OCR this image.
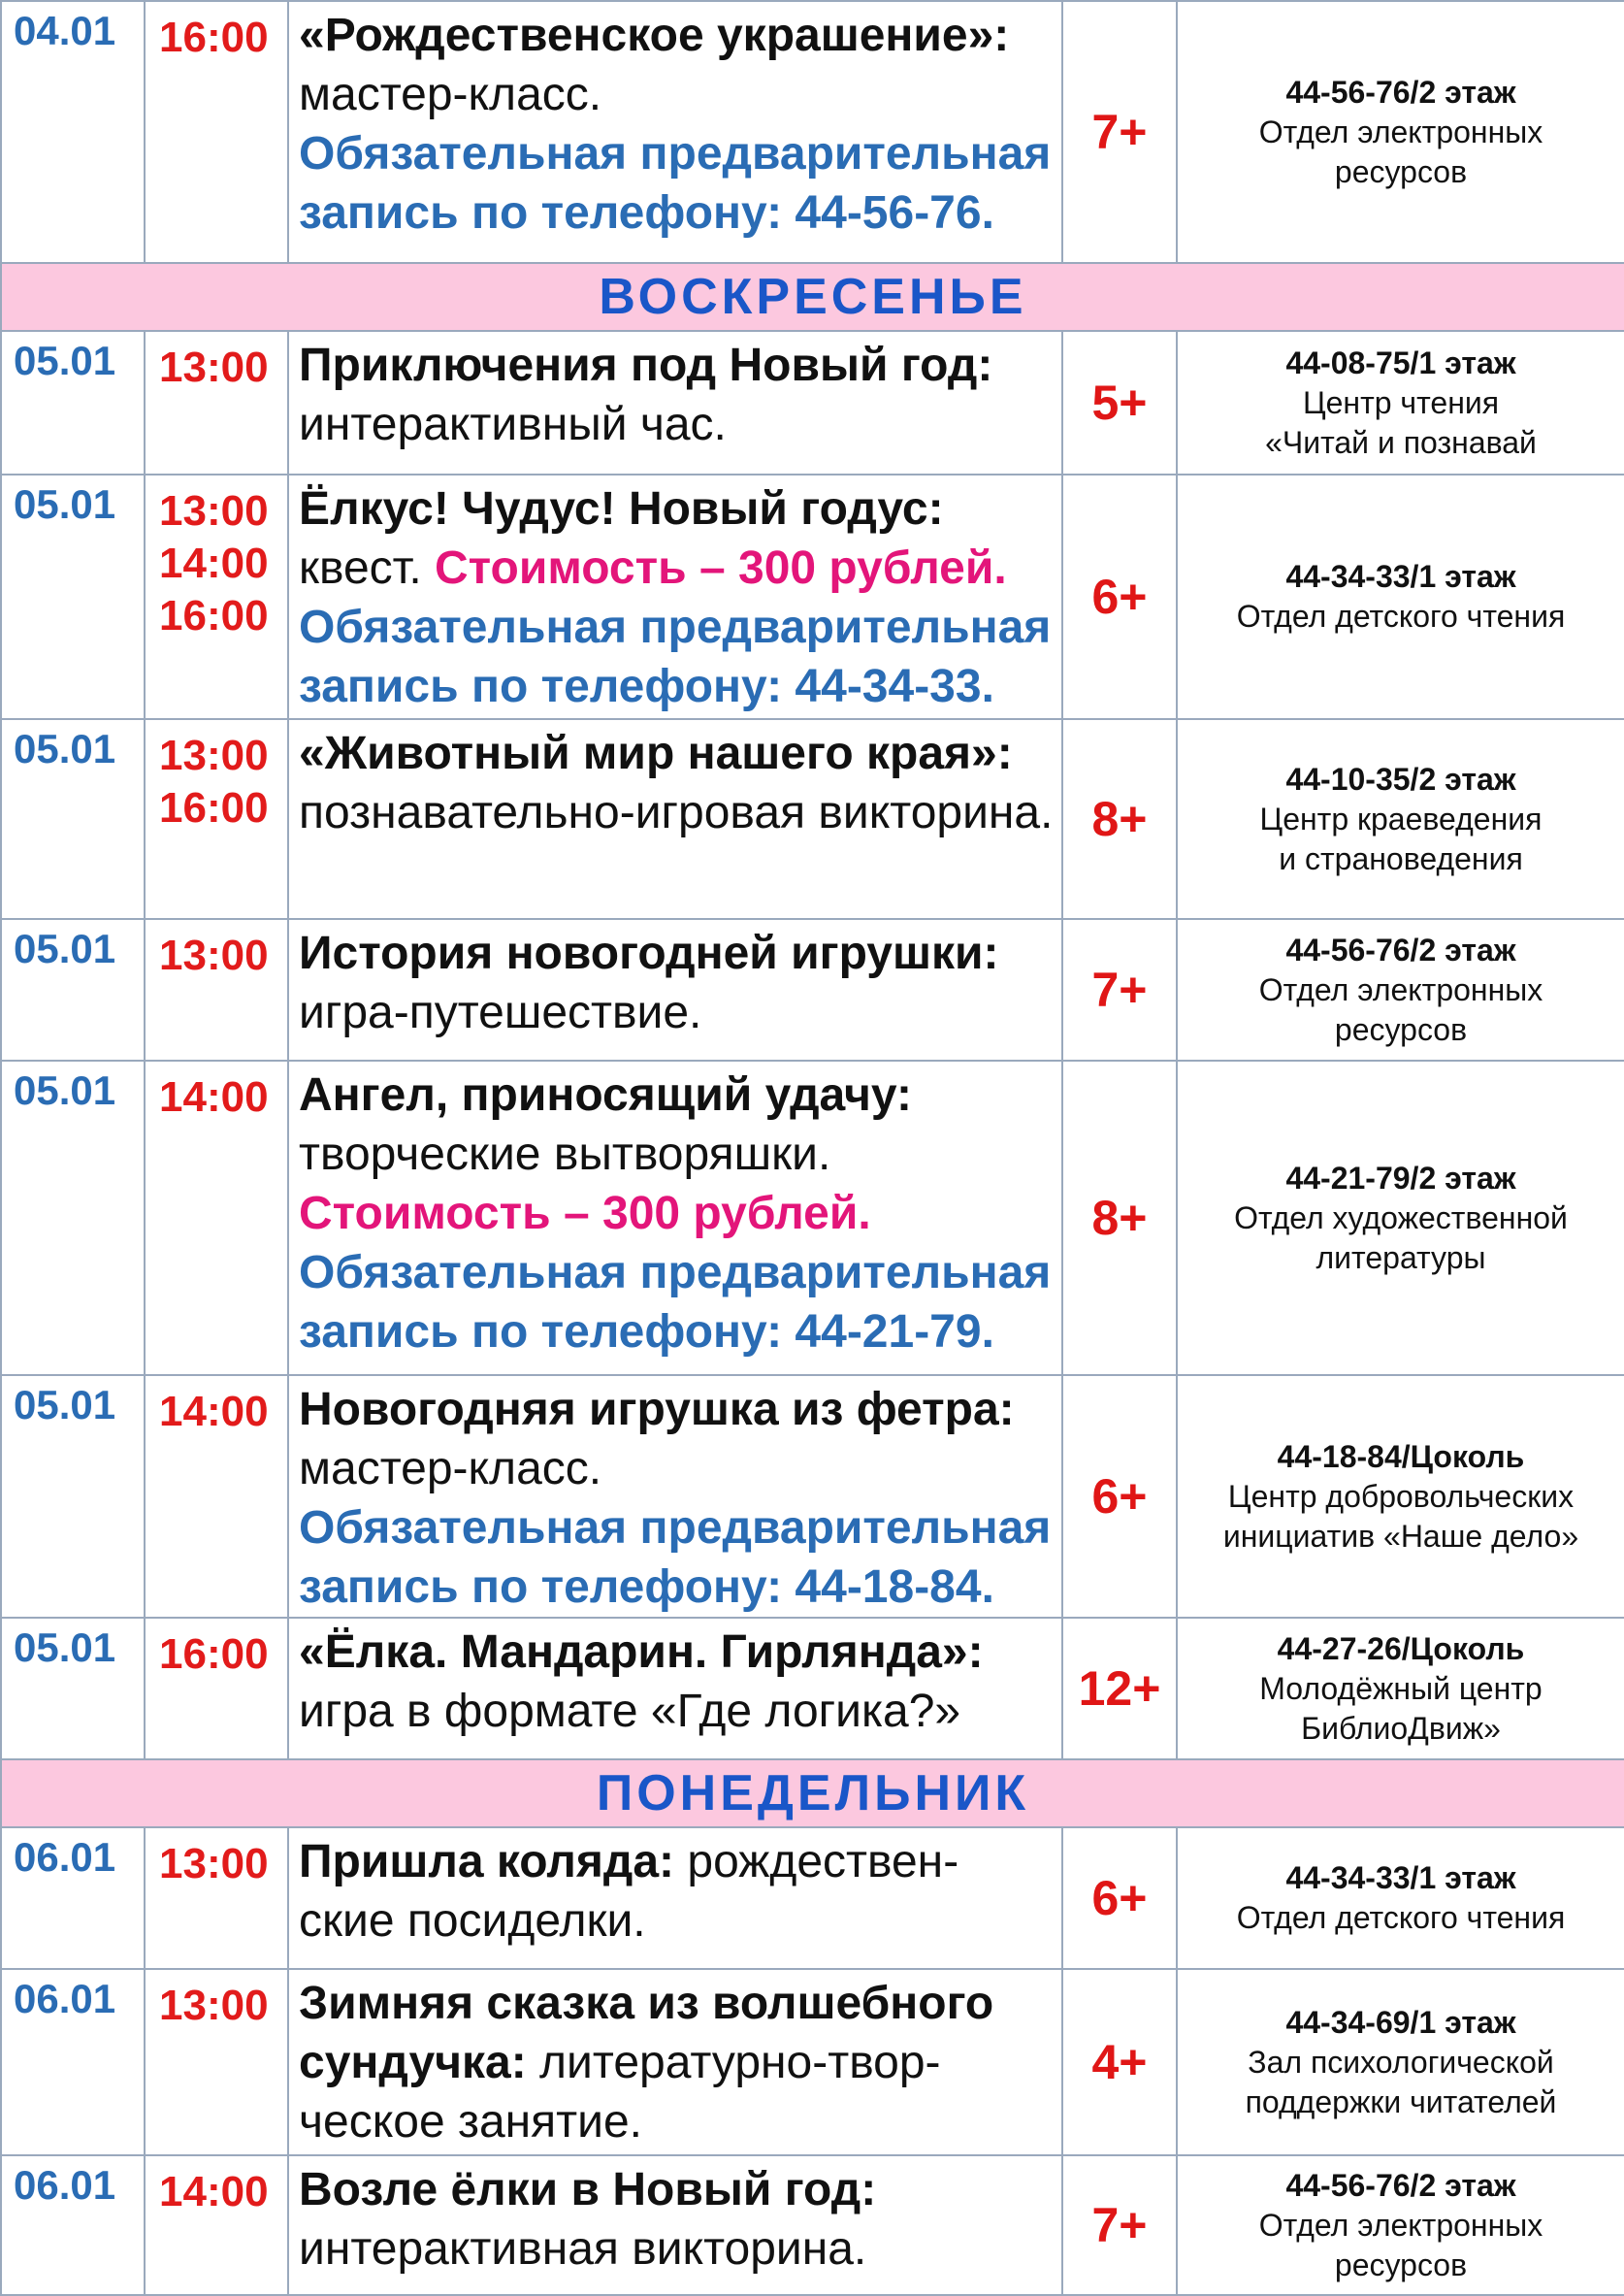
04.01	16:00	«Рождественское украшение»: мастер-класс.
Обязательная предварительная запись по телефону: 44-56-76.	7+	44-56-76/2 этаж
Отдел электронных
ресурсов

ВОСКРЕСЕНЬЕ				
05.01	13:00	Приключения под Новый год: интерактивный час.	5+	44-08-75/1 этаж
Центр чтения
«Читай и познавай

05.01	13:00
14:00
16:00	Ёлкус! Чудус! Новый годус: квест. Стоимость – 300 рублей.
Обязательная предварительная запись по телефону: 44-34-33.	6+	44-34-33/1 этаж
Отдел детского чтения

05.01	13:00
16:00	«Животный мир нашего края»: познавательно-игровая викторина.	8+	44-10-35/2 этаж
Центр краеведения
и страноведения

05.01	13:00	История новогодней игрушки: игра-путешествие.	7+	44-56-76/2 этаж
Отдел электронных
ресурсов

05.01	14:00	Ангел, приносящий удачу: творческие вытворяшки. Стоимость – 300 рублей.
Обязательная предварительная запись по телефону: 44-21-79.	8+	44-21-79/2 этаж
Отдел художественной
литературы

05.01	14:00	Новогодняя игрушка из фетра: мастер-класс.
Обязательная предварительная запись по телефону: 44-18-84.	6+	44-18-84/Цоколь
Центр добровольческих
инициатив «Наше дело»

05.01	16:00	«Ёлка. Мандарин. Гирлянда»: игра в формате «Где логика?»	12+	44-27-26/Цоколь
Молодёжный центр
БиблиоДвиж»

ПОНЕДЕЛЬНИК				
06.01	13:00	Пришла коляда: рождествен-ские посиделки.	6+	44-34-33/1 этаж
Отдел детского чтения

06.01	13:00	Зимняя сказка из волшебного сундучка: литературно-твор-ческое занятие.	4+	44-34-69/1 этаж
Зал психологической
поддержки читателей

06.01	14:00	Возле ёлки в Новый год: интерактивная викторина.	7+	44-56-76/2 этаж
Отдел электронных
ресурсов
